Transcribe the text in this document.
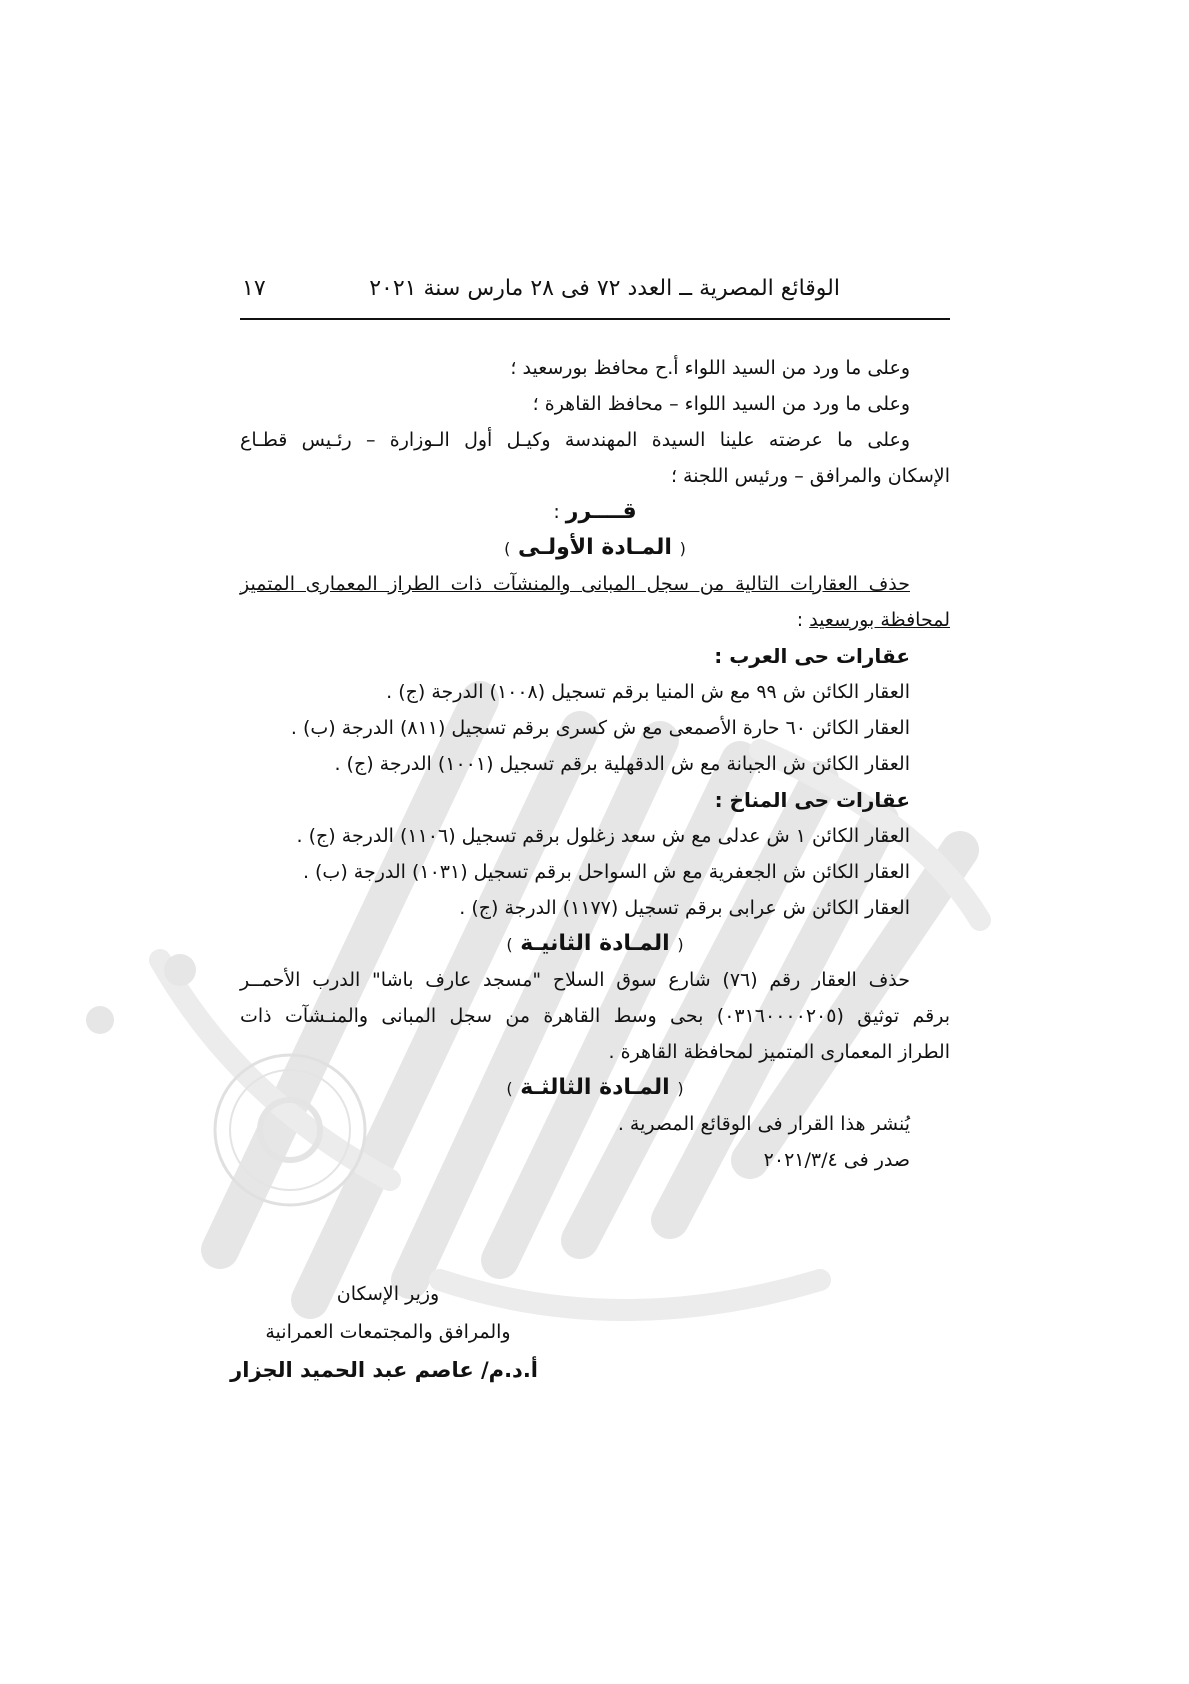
الوقائع المصرية ــ العدد ٧٢ فى ٢٨ مارس سنة ٢٠٢١
١٧
وعلى ما ورد من السيد اللواء أ.ح محافظ بورسعيد ؛
وعلى ما ورد من السيد اللواء – محافظ القاهرة ؛
وعلى ما عرضته علينا السيدة المهندسة وكيـل أول الـوزارة – رئـيس قطـاع
الإسكان والمرافق – ورئيس اللجنة ؛
قــــرر :
( المـادة الأولـى )
حذف العقارات التالية من سجل المبانى والمنشآت ذات الطراز المعمارى المتميز
لمحافظة بورسعيد :
عقارات حى العرب :
العقار الكائن ش ٩٩ مع ش المنيا برقم تسجيل (١٠٠٨) الدرجة (ج) .
العقار الكائن ٦٠ حارة الأصمعى مع ش كسرى برقم تسجيل (٨١١) الدرجة (ب) .
العقار الكائن ش الجبانة مع ش الدقهلية برقم تسجيل (١٠٠١) الدرجة (ج) .
عقارات حى المناخ :
العقار الكائن ١ ش عدلى مع ش سعد زغلول برقم تسجيل (١١٠٦) الدرجة (ج) .
العقار الكائن ش الجعفرية مع ش السواحل برقم تسجيل (١٠٣١) الدرجة (ب) .
العقار الكائن ش عرابى برقم تسجيل (١١٧٧) الدرجة (ج) .
( المـادة الثانيـة )
حذف العقار رقم (٧٦) شارع سوق السلاح "مسجد عارف باشا" الدرب الأحمــر
برقم توثيق (٠٣١٦٠٠٠٠٢٠٥) بحى وسط القاهرة من سجل المبانى والمنـشآت ذات
الطراز المعمارى المتميز لمحافظة القاهرة .
( المـادة الثالثـة )
يُنشر هذا القرار فى الوقائع المصرية .
صدر فى ٢٠٢١/٣/٤
وزير الإسكان
والمرافق والمجتمعات العمرانية
أ.د.م/ عاصم عبد الحميد الجزار
